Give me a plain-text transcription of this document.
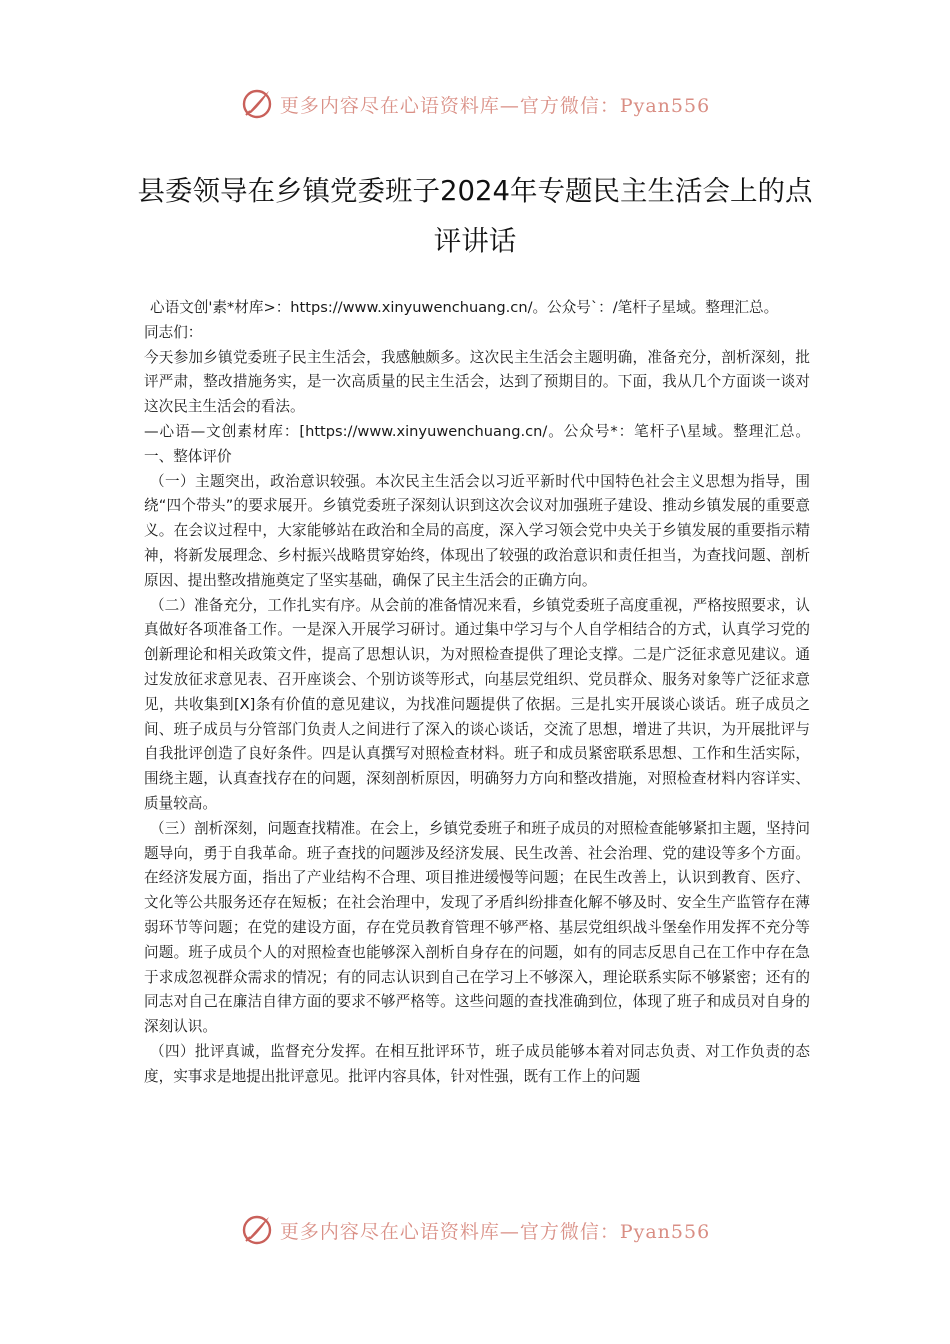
更多内容尽在心语资料库—官方微信：Pyan556
县委领导在乡镇党委班子2024年专题民主生活会上的点评讲话

心语文创'素*材库>：https://www.xinyuwenchuang.cn/。公众号`：/笔杆子星域。整理汇总。

同志们：

今天参加乡镇党委班子民主生活会，我感触颇多。这次民主生活会主题明确，准备充分，剖析深刻，批评严肃，整改措施务实，是一次高质量的民主生活会，达到了预期目的。下面，我从几个方面谈一谈对这次民主生活会的看法。

—心语—文创素材库：[https://www.xinyuwenchuang.cn/。公众号*：笔杆子\星域。整理汇总。一、整体评价

（一）主题突出，政治意识较强。本次民主生活会以习近平新时代中国特色社会主义思想为指导，围绕“四个带头”的要求展开。乡镇党委班子深刻认识到这次会议对加强班子建设、推动乡镇发展的重要意义。在会议过程中，大家能够站在政治和全局的高度，深入学习领会党中央关于乡镇发展的重要指示精神，将新发展理念、乡村振兴战略贯穿始终，体现出了较强的政治意识和责任担当，为查找问题、剖析原因、提出整改措施奠定了坚实基础，确保了民主生活会的正确方向。

（二）准备充分，工作扎实有序。从会前的准备情况来看，乡镇党委班子高度重视，严格按照要求，认真做好各项准备工作。一是深入开展学习研讨。通过集中学习与个人自学相结合的方式，认真学习党的创新理论和相关政策文件，提高了思想认识，为对照检查提供了理论支撑。二是广泛征求意见建议。通过发放征求意见表、召开座谈会、个别访谈等形式，向基层党组织、党员群众、服务对象等广泛征求意见，共收集到[X]条有价值的意见建议，为找准问题提供了依据。三是扎实开展谈心谈话。班子成员之间、班子成员与分管部门负责人之间进行了深入的谈心谈话，交流了思想，增进了共识，为开展批评与自我批评创造了良好条件。四是认真撰写对照检查材料。班子和成员紧密联系思想、工作和生活实际，围绕主题，认真查找存在的问题，深刻剖析原因，明确努力方向和整改措施，对照检查材料内容详实、质量较高。

（三）剖析深刻，问题查找精准。在会上，乡镇党委班子和班子成员的对照检查能够紧扣主题，坚持问题导向，勇于自我革命。班子查找的问题涉及经济发展、民生改善、社会治理、党的建设等多个方面。在经济发展方面，指出了产业结构不合理、项目推进缓慢等问题；在民生改善上，认识到教育、医疗、文化等公共服务还存在短板；在社会治理中，发现了矛盾纠纷排查化解不够及时、安全生产监管存在薄弱环节等问题；在党的建设方面，存在党员教育管理不够严格、基层党组织战斗堡垒作用发挥不充分等问题。班子成员个人的对照检查也能够深入剖析自身存在的问题，如有的同志反思自己在工作中存在急于求成忽视群众需求的情况；有的同志认识到自己在学习上不够深入，理论联系实际不够紧密；还有的同志对自己在廉洁自律方面的要求不够严格等。这些问题的查找准确到位，体现了班子和成员对自身的深刻认识。

（四）批评真诚，监督充分发挥。在相互批评环节，班子成员能够本着对同志负责、对工作负责的态度，实事求是地提出批评意见。批评内容具体，针对性强，既有工作上的问题

更多内容尽在心语资料库—官方微信：Pyan556
